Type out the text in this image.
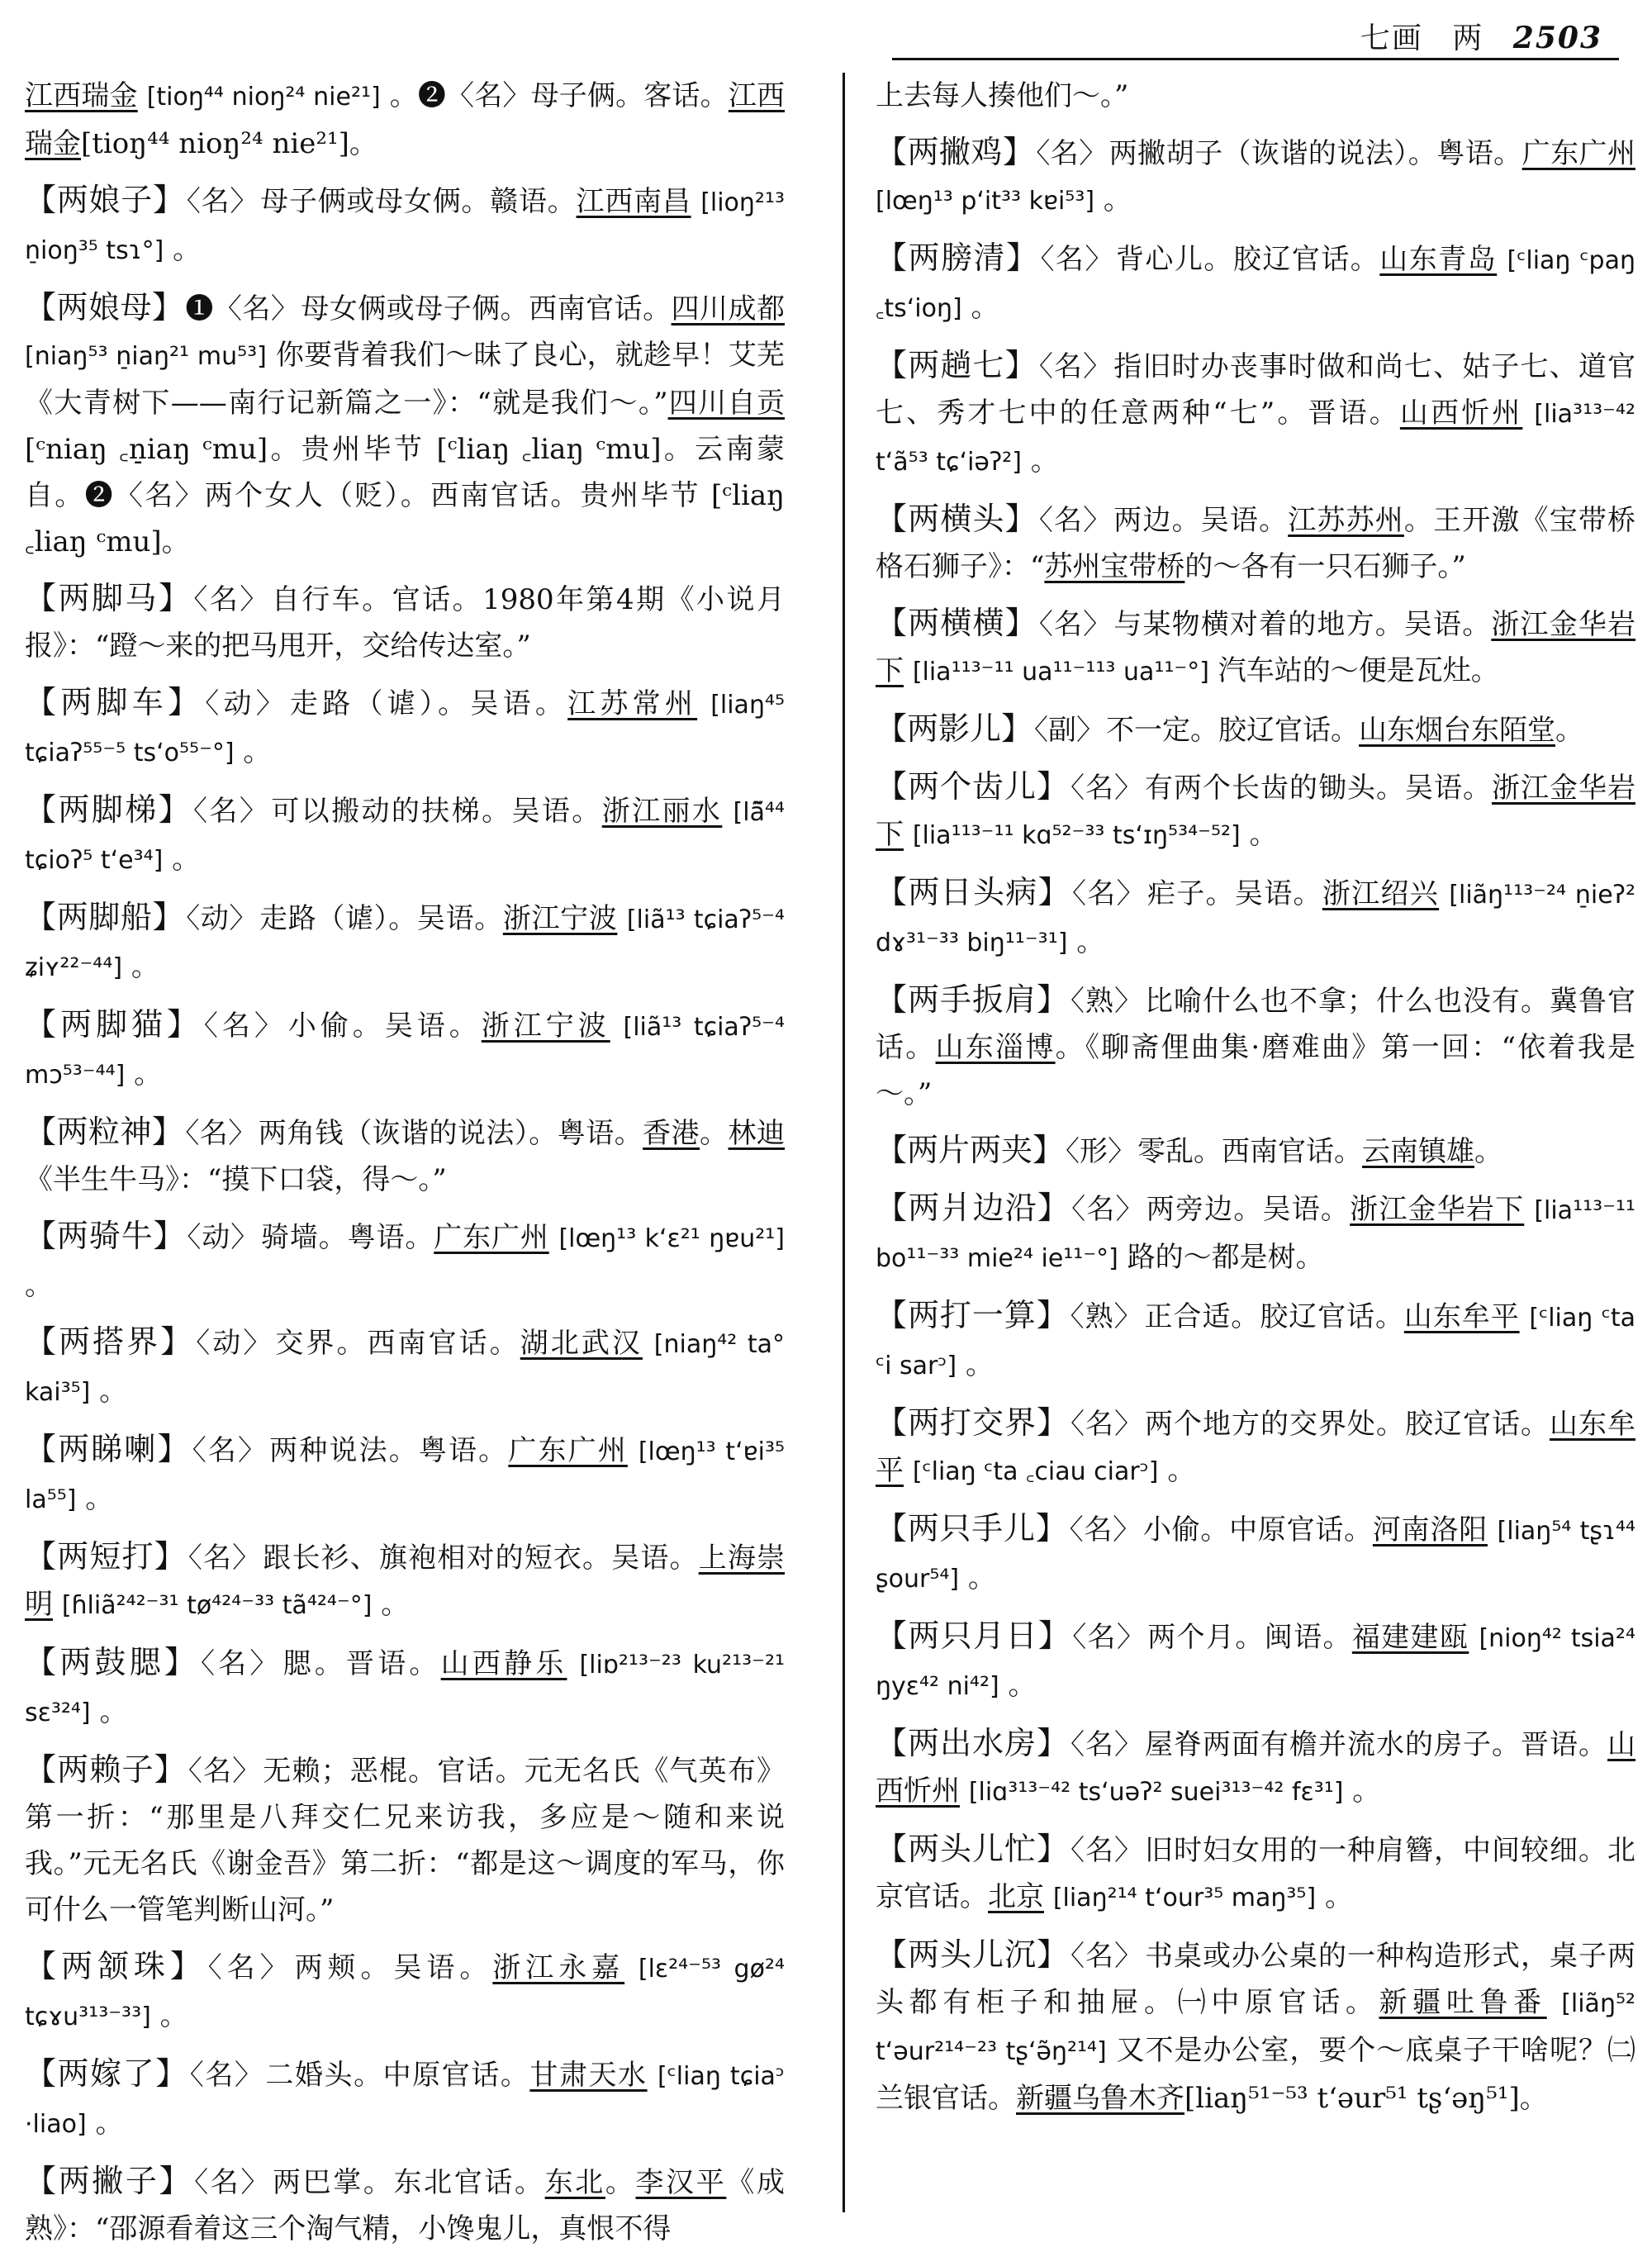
七画 两 2503

江西瑞金 [tioŋ⁴⁴ nioŋ²⁴ nie²¹] 。❷〈名〉母子俩。客话。江西瑞金[tioŋ⁴⁴ nioŋ²⁴ nie²¹]。

【两娘子】〈名〉母子俩或母女俩。赣语。江西南昌 [lioŋ²¹³ n̠ioŋ³⁵ tsɿ°] 。

【两娘母】❶〈名〉母女俩或母子俩。西南官话。四川成都 [niaŋ⁵³ n̠iaŋ²¹ mu⁵³] 你要背着我们～昧了良心，就趁早！艾芜《大青树下——南行记新篇之一》：“就是我们～。”四川自贡[ᶜniaŋ ꜀n̠iaŋ ᶜmu]。贵州毕节 [ᶜliaŋ ꜀liaŋ ᶜmu]。云南蒙自。❷〈名〉两个女人（贬）。西南官话。贵州毕节 [ᶜliaŋ ꜀liaŋ ᶜmu]。

【两脚马】〈名〉自行车。官话。1980年第4期《小说月报》：“蹬～来的把马甩开，交给传达室。”

【两脚车】〈动〉走路（谑）。吴语。江苏常州 [liaŋ⁴⁵ tɕiaʔ⁵⁵⁻⁵ tsʻo⁵⁵⁻°] 。

【两脚梯】〈名〉可以搬动的扶梯。吴语。浙江丽水 [lã̃⁴⁴ tɕioʔ⁵ tʻe³⁴] 。

【两脚船】〈动〉走路（谑）。吴语。浙江宁波 [liã¹³ tɕiaʔ⁵⁻⁴ ʑiʏ²²⁻⁴⁴] 。

【两脚猫】〈名〉小偷。吴语。浙江宁波 [liã¹³ tɕiaʔ⁵⁻⁴ mɔ⁵³⁻⁴⁴] 。

【两粒神】〈名〉两角钱（诙谐的说法）。粤语。香港。林迪《半生牛马》：“摸下口袋，得～。”

【两骑牛】〈动〉骑墙。粤语。广东广州 [lœŋ¹³ kʻɛ²¹ ŋɐu²¹] 。

【两搭界】〈动〉交界。西南官话。湖北武汉 [niaŋ⁴² ta° kai³⁵] 。

【两睇喇】〈名〉两种说法。粤语。广东广州 [lœŋ¹³ tʻɐi³⁵ la⁵⁵] 。

【两短打】〈名〉跟长衫、旗袍相对的短衣。吴语。上海崇明 [ɦliã²⁴²⁻³¹ tø⁴²⁴⁻³³ tã⁴²⁴⁻°] 。

【两鼓腮】〈名〉腮。晋语。山西静乐 [liɒ²¹³⁻²³ ku²¹³⁻²¹ sɛ³²⁴] 。

【两赖子】〈名〉无赖；恶棍。官话。元无名氏《气英布》第一折：“那里是八拜交仁兄来访我，多应是～随和来说我。”元无名氏《谢金吾》第二折：“都是这～调度的军马，你可什么一管笔判断山河。”

【两颔珠】〈名〉两颊。吴语。浙江永嘉 [lɛ²⁴⁻⁵³ gø²⁴ tɕɤu³¹³⁻³³] 。

【两嫁了】〈名〉二婚头。中原官话。甘肃天水 [ᶜliaŋ tɕiaᵓ ·liao] 。

【两撇子】〈名〉两巴掌。东北官话。东北。李汉平《成熟》：“邵源看着这三个淘气精，小馋鬼儿，真恨不得

上去每人揍他们～。”

【两撇鸡】〈名〉两撇胡子（诙谐的说法）。粤语。广东广州 [lœŋ¹³ pʻit³³ kɐi⁵³] 。

【两膀清】〈名〉背心儿。胶辽官话。山东青岛 [ᶜliaŋ ᶜpaŋ ꜀tsʻioŋ] 。

【两趟七】〈名〉指旧时办丧事时做和尚七、姑子七、道官七、秀才七中的任意两种“七”。晋语。山西忻州 [lia³¹³⁻⁴² tʻã⁵³ tɕʻiəʔ²] 。

【两横头】〈名〉两边。吴语。江苏苏州。王开激《宝带桥格石狮子》：“苏州宝带桥的～各有一只石狮子。”

【两横横】〈名〉与某物横对着的地方。吴语。浙江金华岩下 [lia¹¹³⁻¹¹ ua¹¹⁻¹¹³ ua¹¹⁻°] 汽车站的～便是瓦灶。

【两影儿】〈副〉不一定。胶辽官话。山东烟台东陌堂。

【两个齿儿】〈名〉有两个长齿的锄头。吴语。浙江金华岩下 [lia¹¹³⁻¹¹ kɑ⁵²⁻³³ tsʻɪŋ⁵³⁴⁻⁵²] 。

【两日头病】〈名〉疟子。吴语。浙江绍兴 [liãŋ¹¹³⁻²⁴ n̠ieʔ² dɤ³¹⁻³³ biŋ¹¹⁻³¹] 。

【两手扳肩】〈熟〉比喻什么也不拿；什么也没有。冀鲁官话。山东淄博。《聊斋俚曲集·磨难曲》第一回：“依着我是～。”

【两片两夹】〈形〉零乱。西南官话。云南镇雄。

【两爿边沿】〈名〉两旁边。吴语。浙江金华岩下 [lia¹¹³⁻¹¹ bo¹¹⁻³³ mie²⁴ ie¹¹⁻°] 路的～都是树。

【两打一算】〈熟〉正合适。胶辽官话。山东牟平 [ᶜliaŋ ᶜta ᶜi sarᵓ] 。

【两打交界】〈名〉两个地方的交界处。胶辽官话。山东牟平 [ᶜliaŋ ᶜta ꜀ciau ciarᵓ] 。

【两只手儿】〈名〉小偷。中原官话。河南洛阳 [liaŋ⁵⁴ tʂɿ⁴⁴ ʂour⁵⁴] 。

【两只月日】〈名〉两个月。闽语。福建建瓯 [nioŋ⁴² tsia²⁴ ŋyɛ⁴² ni⁴²] 。

【两出水房】〈名〉屋脊两面有檐并流水的房子。晋语。山西忻州 [liɑ³¹³⁻⁴² tsʻuəʔ² suei³¹³⁻⁴² fɛ³¹] 。

【两头儿忙】〈名〉旧时妇女用的一种肩簪，中间较细。北京官话。北京 [liaŋ²¹⁴ tʻour³⁵ maŋ³⁵] 。

【两头儿沉】〈名〉书桌或办公桌的一种构造形式，桌子两头都有柜子和抽屉。㈠中原官话。新疆吐鲁番 [liãŋ⁵² tʻəur²¹⁴⁻²³ tʂʻə̃ŋ²¹⁴] 又不是办公室，要个～底桌子干啥呢？㈡兰银官话。新疆乌鲁木齐[liaŋ⁵¹⁻⁵³ tʻəur⁵¹ tʂʻəŋ⁵¹]。
